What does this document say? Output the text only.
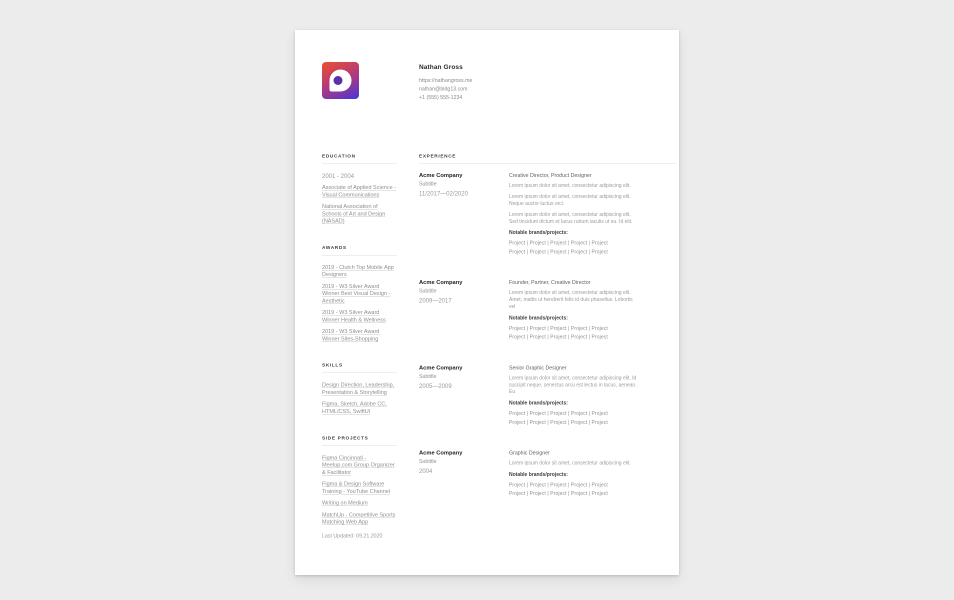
Nathan Gross
https://nathangross.me
nathan@bldg13.com
+1 (555) 555-1234
EDUCATION
2001 - 2004
Associate of Applied Science - Visual Communications
National Association of Schools of Art and Design (NASAD)
AWARDS
2019 - Clutch Top Mobile App Designers
2019 - W3 Silver Award Winner Best Visual Design - Aesthetic
2019 - W3 Silver Award Winner Health & Wellness
2019 - W3 Silver Award Winner Sites-Shopping
SKILLS
Design Direction, Leadership, Presentation & Storytelling
Figma, Sketch, Adobe CC, HTML/CSS, SwiftUI
SIDE PROJECTS
Figma Cincinnati - Meetup.com Group Organizer & Facilitator
Figma & Design Software Training - YouTube Channel
Writing on Medium
MatchUp - Competitive Sports Matching Web App
EXPERIENCE
Acme Company
Subtitle
11/2017—02/2020
Creative Director, Product Designer

Lorem ipsum dolor sit amet, consectetur adipiscing elit.

Lorem ipsum dolor sit amet, consectetur adipiscing elit. Neque auctor luctus orci.

Lorem ipsum dolor sit amet, consectetur adipiscing elit. Sed tincidunt dictum et lacus rutrum iaculis ut eu. Id elit.

Notable brands/projects:
Project | Project | Project | Project | Project
Project | Project | Project | Project | Project
Acme Company
Subtitle
2009—2017
Founder, Partner, Creative Director

Lorem ipsum dolor sit amet, consectetur adipiscing elit. Amet, mattis ut hendrerit felis id duis phasellus. Lobortis vel

Notable brands/projects:
Project | Project | Project | Project | Project
Project | Project | Project | Project | Project
Acme Company
Subtitle
2005—2009
Senior Graphic Designer

Lorem ipsum dolor sit amet, consectetur adipiscing elit. Id suscipit neque, senectus arcu est lectus in lacus, aenean. Eu

Notable brands/projects:
Project | Project | Project | Project | Project
Project | Project | Project | Project | Project
Acme Company
Subtitle
2004
Graphic Designer

Lorem ipsum dolor sit amet, consectetur adipiscing elit.

Notable brands/projects:
Project | Project | Project | Project | Project
Project | Project | Project | Project | Project
Last Updated: 09.21.2020
